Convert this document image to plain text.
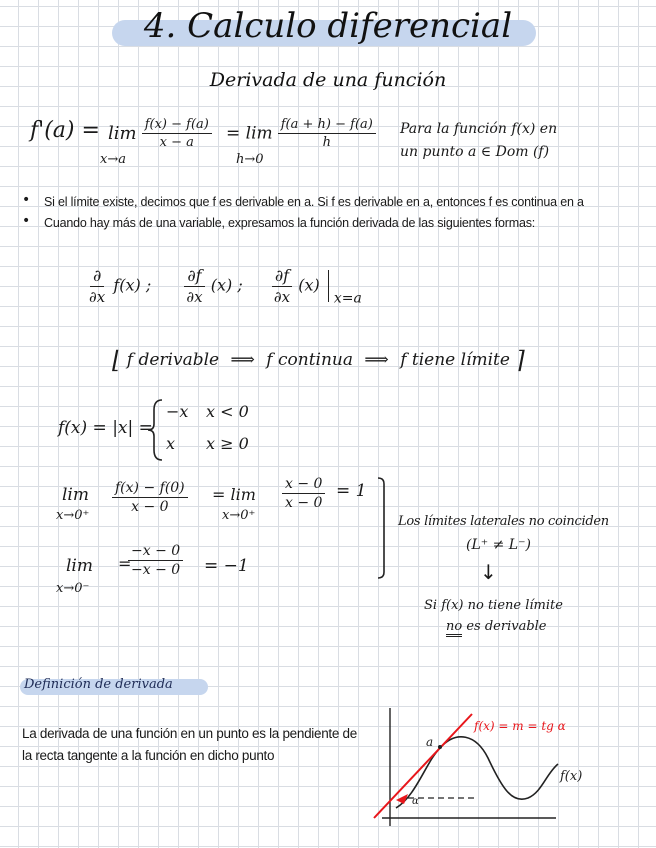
4. Calculo diferencial
Derivada de una función
$f'(a) = \lim \frac{f(x) - f(a)}{x - a}$
x→a
= $\lim \frac{f(a + h) - f(a)}{h}$
h→0
Para la función f(x) en
un punto a ∈ Dom (f)
•	Si el límite existe, decimos que f es derivable en a. Si f es derivable en a, entonces f es continua en a
•	Cuando hay más de una variable, expresamos la función derivada de las siguientes formas:
$\frac{\partial}{\partial x} f(x)$ ; $\frac{\partial f}{\partial x} (x)$ ; $\frac{\partial f}{\partial x} (x)$  x=a
⌊ f derivable ⟹ f continua ⟹ f tiene límite ⌉
f(x) = |x| =
−x x < 0
x x ≥ 0
lim
x→0⁺
$\frac{f(x) - f(0)}{x - 0} = \lim$
x→0⁺
$\frac{x - 0}{x - 0} = 1$
lim
x→0⁻
=
$\frac{-x - 0}{-x - 0} = -1$
Los límites laterales no coinciden
(L⁺ ≠ L⁻)
↓
Si f(x) no tiene límite
no es derivable
Definición de derivada
La derivada de una función en un punto es la pendiente de la recta tangente a la función en dicho punto
a
α
f(x) = m = tg α
f(x)
